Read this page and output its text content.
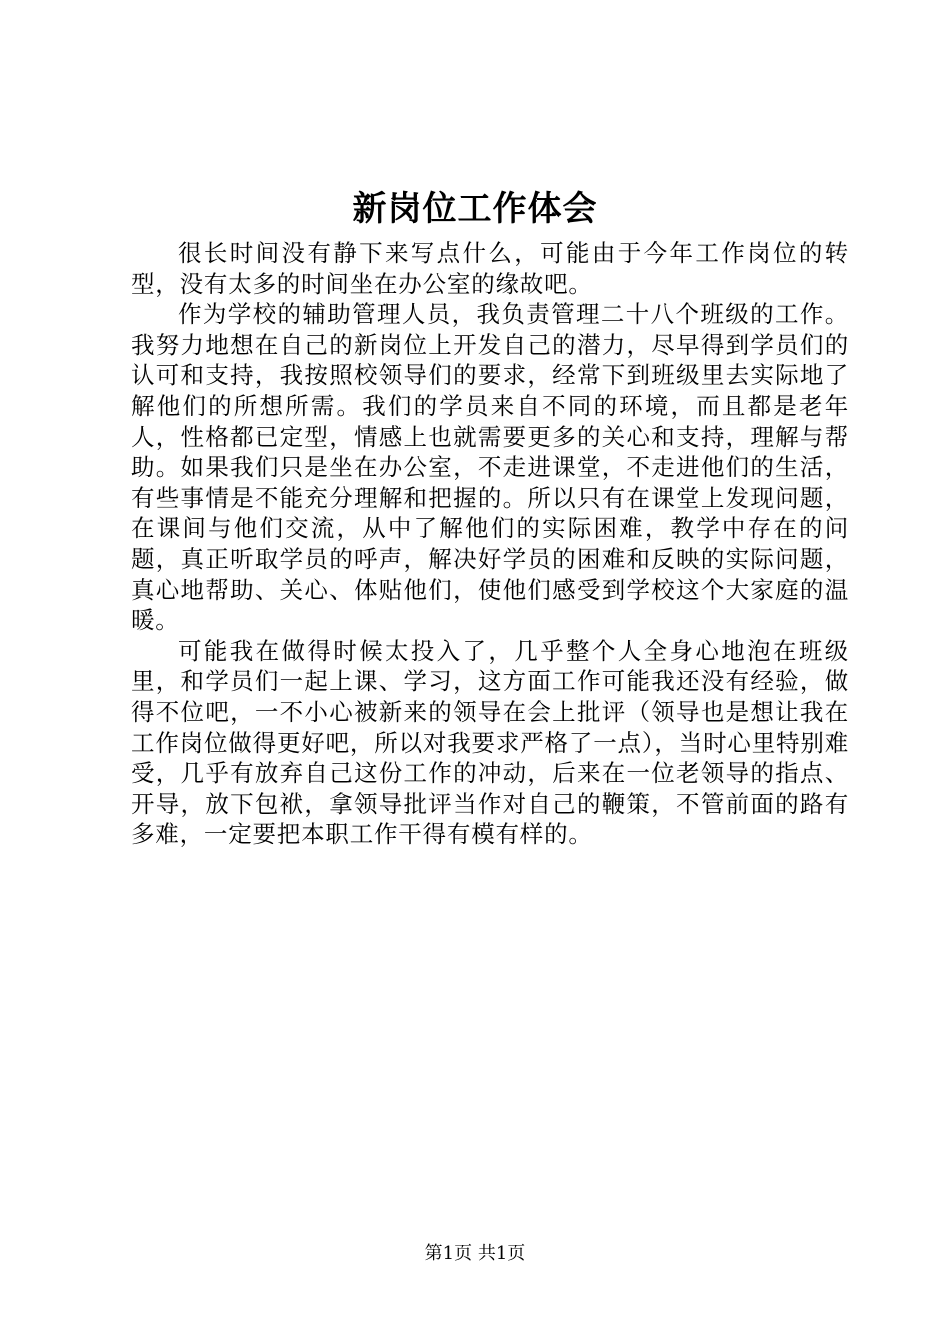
新岗位工作体会

很长时间没有静下来写点什么，可能由于今年工作岗位的转型，没有太多的时间坐在办公室的缘故吧。

作为学校的辅助管理人员，我负责管理二十八个班级的工作。我努力地想在自己的新岗位上开发自己的潜力，尽早得到学员们的认可和支持，我按照校领导们的要求，经常下到班级里去实际地了解他们的所想所需。我们的学员来自不同的环境，而且都是老年人，性格都已定型，情感上也就需要更多的关心和支持，理解与帮助。如果我们只是坐在办公室，不走进课堂，不走进他们的生活，有些事情是不能充分理解和把握的。所以只有在课堂上发现问题，在课间与他们交流，从中了解他们的实际困难，教学中存在的问题，真正听取学员的呼声，解决好学员的困难和反映的实际问题，真心地帮助、关心、体贴他们，使他们感受到学校这个大家庭的温暖。

可能我在做得时候太投入了，几乎整个人全身心地泡在班级里，和学员们一起上课、学习，这方面工作可能我还没有经验，做得不位吧，一不小心被新来的领导在会上批评（领导也是想让我在工作岗位做得更好吧，所以对我要求严格了一点），当时心里特别难受，几乎有放弃自己这份工作的冲动，后来在一位老领导的指点、开导，放下包袱，拿领导批评当作对自己的鞭策，不管前面的路有多难，一定要把本职工作干得有模有样的。

第1页 共1页
